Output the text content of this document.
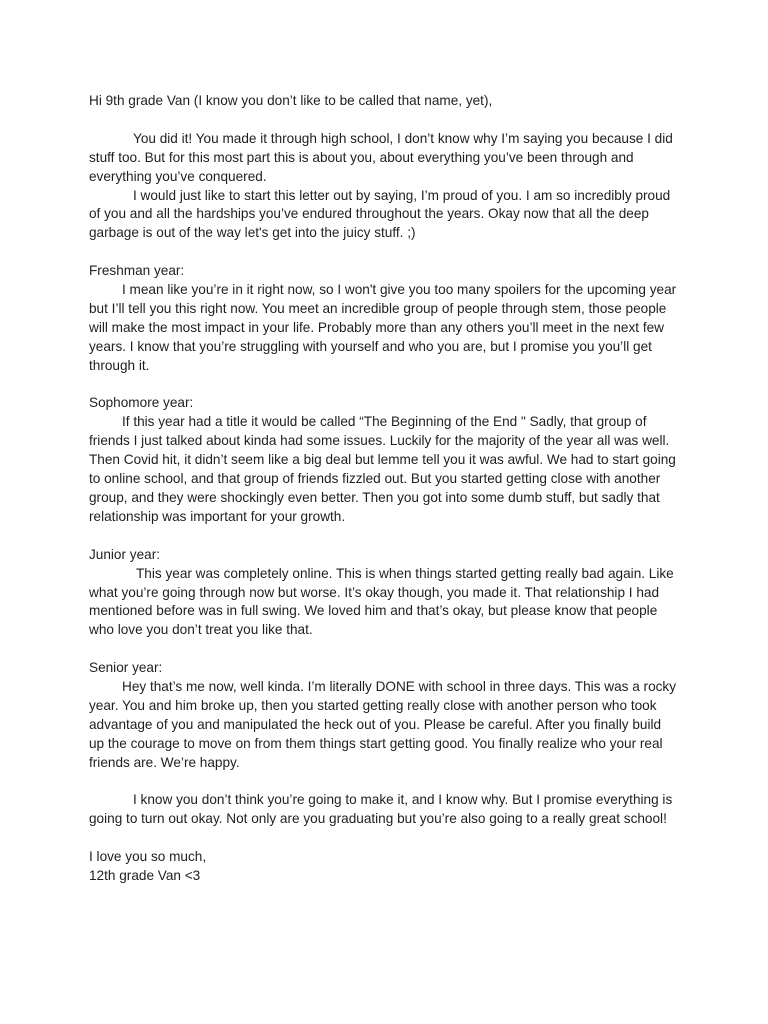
Hi 9th grade Van (I know you don’t like to be called that name, yet),

You did it! You made it through high school, I don’t know why I’m saying you because I did stuff too. But for this most part this is about you, about everything you’ve been through and everything you’ve conquered.

I would just like to start this letter out by saying, I’m proud of you. I am so incredibly proud of you and all the hardships you’ve endured throughout the years. Okay now that all the deep garbage is out of the way let's get into the juicy stuff. ;)

Freshman year:

I mean like you’re in it right now, so I won't give you too many spoilers for the upcoming year but I’ll tell you this right now. You meet an incredible group of people through stem, those people will make the most impact in your life. Probably more than any others you’ll meet in the next few years. I know that you’re struggling with yourself and who you are, but I promise you you’ll get through it.

Sophomore year:

If this year had a title it would be called “The Beginning of the End " Sadly, that group of friends I just talked about kinda had some issues. Luckily for the majority of the year all was well. Then Covid hit, it didn’t seem like a big deal but lemme tell you it was awful. We had to start going to online school, and that group of friends fizzled out. But you started getting close with another group, and they were shockingly even better. Then you got into some dumb stuff, but sadly that relationship was important for your growth.

Junior year:

This year was completely online. This is when things started getting really bad again. Like what you’re going through now but worse. It’s okay though, you made it. That relationship I had mentioned before was in full swing. We loved him and that’s okay, but please know that people who love you don’t treat you like that.

Senior year:

Hey that’s me now, well kinda. I’m literally DONE with school in three days. This was a rocky year. You and him broke up, then you started getting really close with another person who took advantage of you and manipulated the heck out of you. Please be careful. After you finally build up the courage to move on from them things start getting good. You finally realize who your real friends are. We’re happy.

I know you don’t think you’re going to make it, and I know why. But I promise everything is going to turn out okay. Not only are you graduating but you’re also going to a really great school!

I love you so much,

12th grade Van <3
